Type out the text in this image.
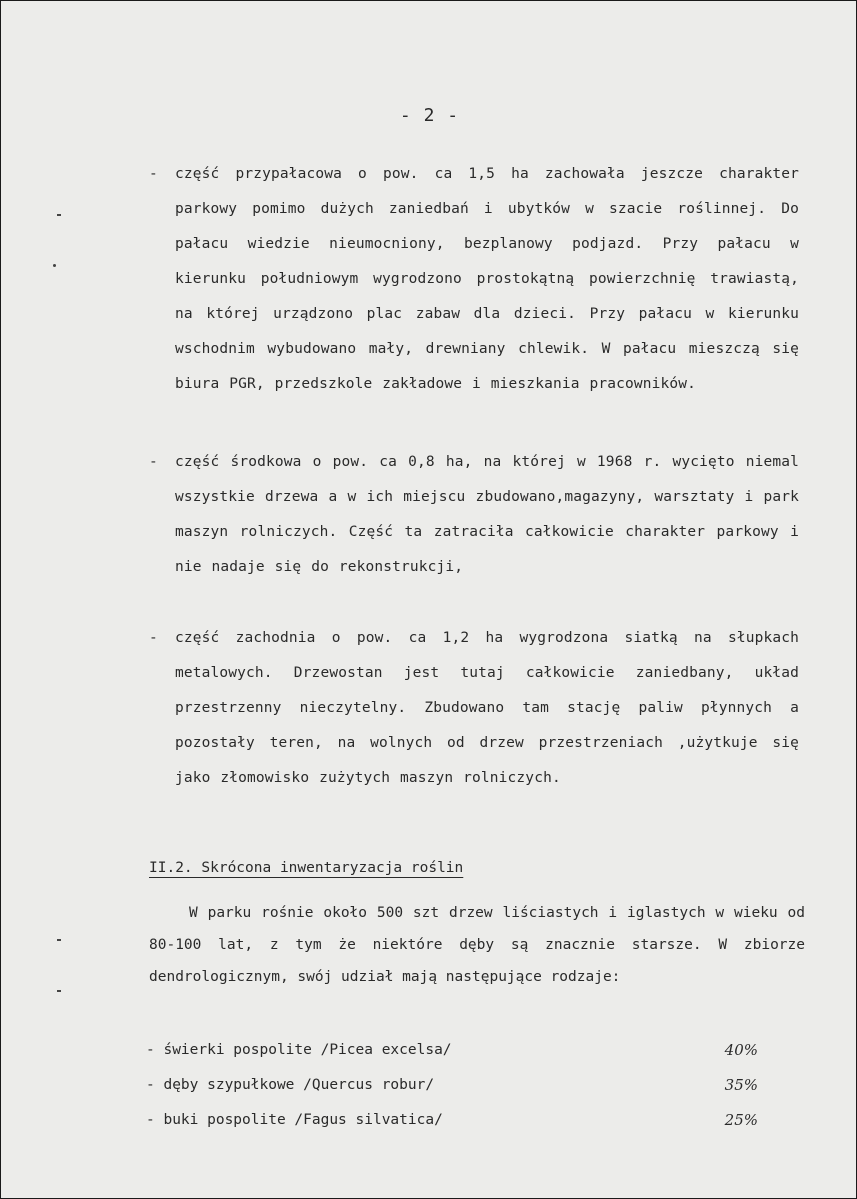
- 2 -
-	część przypałacowa o pow. ca 1,5 ha zachowała jeszcze charakter parkowy pomimo dużych zaniedbań i ubytków w szacie roślinnej. Do pałacu wiedzie nieumocniony, bezplanowy podjazd. Przy pałacu w kierunku południowym wygrodzono prostokątną powierzchnię trawiastą, na której urządzono plac zabaw dla dzieci. Przy pałacu w kierunku wschodnim wybudowano mały, drewniany chlewik. W pałacu mieszczą się biura PGR, przedszkole zakładowe i mieszkania pracowników.

-	część środkowa o pow. ca 0,8 ha, na której w 1968 r. wycięto niemal wszystkie drzewa a w ich miejscu zbudowano,magazyny, warsztaty i park maszyn rolniczych. Część ta zatraciła całkowicie charakter parkowy i nie nadaje się do rekonstrukcji,

-	część zachodnia o pow. ca 1,2 ha wygrodzona siatką na słupkach metalowych. Drzewostan jest tutaj całkowicie zaniedbany, układ przestrzenny nieczytelny. Zbudowano tam stację paliw płynnych a pozostały teren, na wolnych od drzew przestrzeniach ,użytkuje się jako złomowisko zużytych maszyn rolniczych.

II.2. Skrócona inwentaryzacja roślin

W parku rośnie około 500 szt drzew liściastych i iglastych w wieku od 80-100 lat, z tym że niektóre dęby są znacznie starsze. W zbiorze dendrologicznym, swój udział mają następujące rodzaje:

- świerki pospolite /Picea excelsa/	40%
- dęby szypułkowe /Quercus robur/	35%
- buki pospolite /Fagus silvatica/	25%
